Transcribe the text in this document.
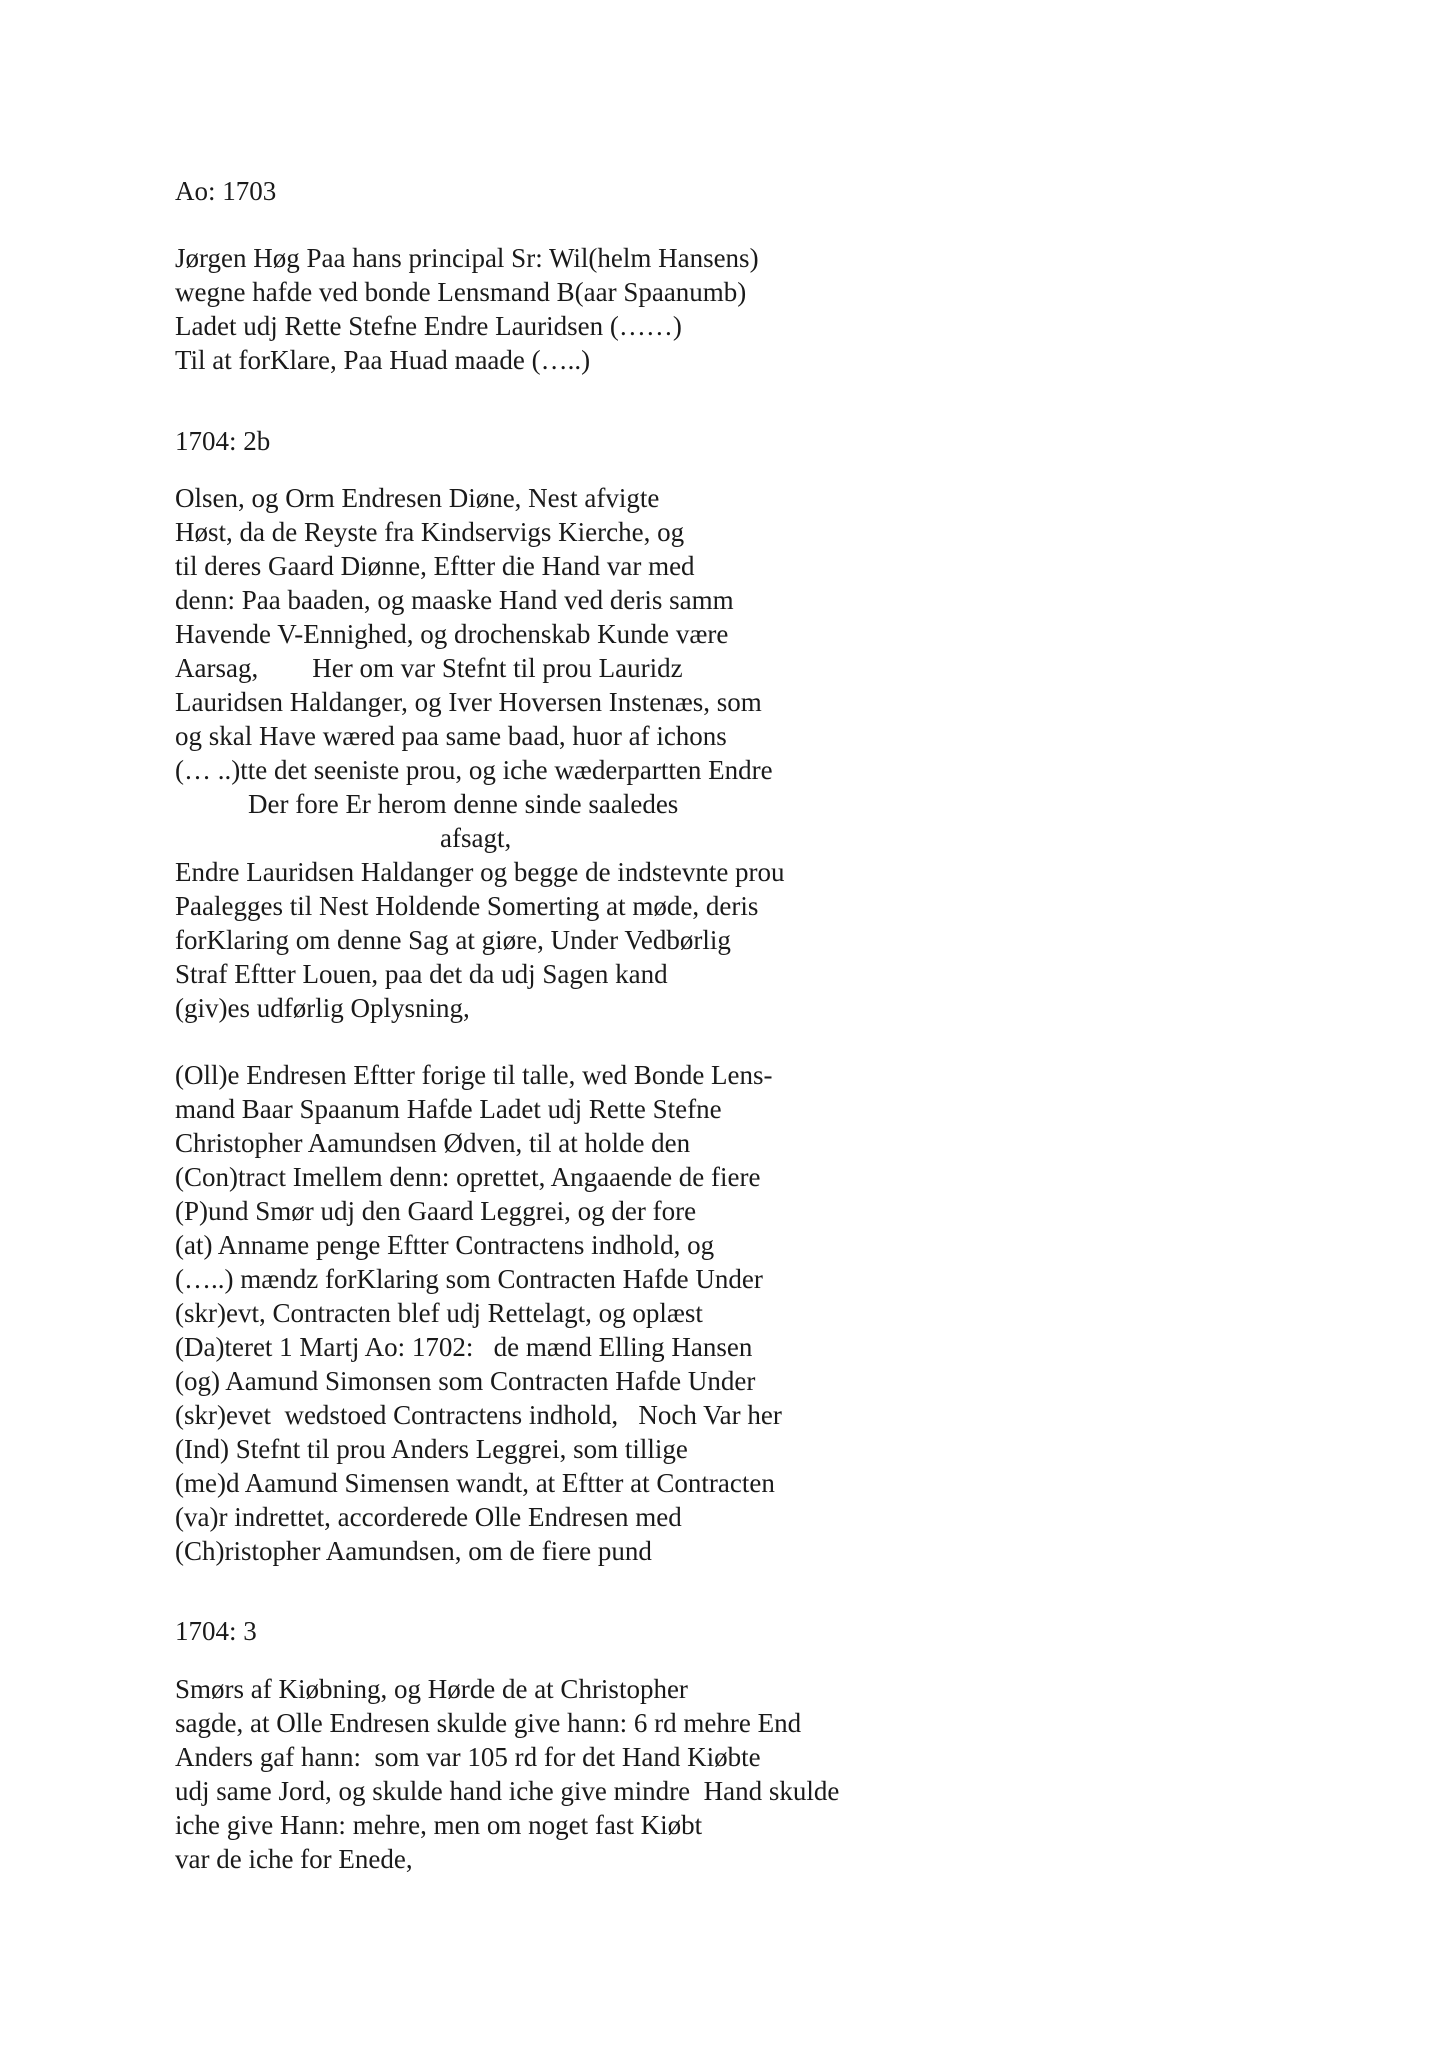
Ao: 1703
Jørgen Høg Paa hans principal Sr: Wil(helm Hansens)
wegne hafde ved bonde Lensmand B(aar Spaanumb)
Ladet udj Rette Stefne Endre Lauridsen (……)
Til at forKlare, Paa Huad maade (…..)
1704: 2b
Olsen, og Orm Endresen Diøne, Nest afvigte
Høst, da de Reyste fra Kindservigs Kierche, og
til deres Gaard Diønne, Eftter die Hand var med
denn: Paa baaden, og maaske Hand ved deris samm
Havende V-Ennighed, og drochenskab Kunde være
Aarsag,        Her om var Stefnt til prou Lauridz
Lauridsen Haldanger, og Iver Hoversen Instenæs, som
og skal Have wæred paa same baad, huor af ichons
(… ..)tte det seeniste prou, og iche wæderpartten Endre
Der fore Er herom denne sinde saaledes
afsagt,
Endre Lauridsen Haldanger og begge de indstevnte prou
Paalegges til Nest Holdende Somerting at møde, deris
forKlaring om denne Sag at giøre, Under Vedbørlig
Straf Eftter Louen, paa det da udj Sagen kand
(giv)es udførlig Oplysning,
(Oll)e Endresen Eftter forige til talle, wed Bonde Lens-
mand Baar Spaanum Hafde Ladet udj Rette Stefne
Christopher Aamundsen Ødven, til at holde den
(Con)tract Imellem denn: oprettet, Angaaende de fiere
(P)und Smør udj den Gaard Leggrei, og der fore
(at) Anname penge Eftter Contractens indhold, og
(…..) mændz forKlaring som Contracten Hafde Under
(skr)evt, Contracten blef udj Rettelagt, og oplæst
(Da)teret 1 Martj Ao: 1702:   de mænd Elling Hansen
(og) Aamund Simonsen som Contracten Hafde Under
(skr)evet  wedstoed Contractens indhold,   Noch Var her
(Ind) Stefnt til prou Anders Leggrei, som tillige
(me)d Aamund Simensen wandt, at Eftter at Contracten
(va)r indrettet, accorderede Olle Endresen med
(Ch)ristopher Aamundsen, om de fiere pund
1704: 3
Smørs af Kiøbning, og Hørde de at Christopher
sagde, at Olle Endresen skulde give hann: 6 rd mehre End
Anders gaf hann:  som var 105 rd for det Hand Kiøbte
udj same Jord, og skulde hand iche give mindre  Hand skulde
iche give Hann: mehre, men om noget fast Kiøbt
var de iche for Enede,
